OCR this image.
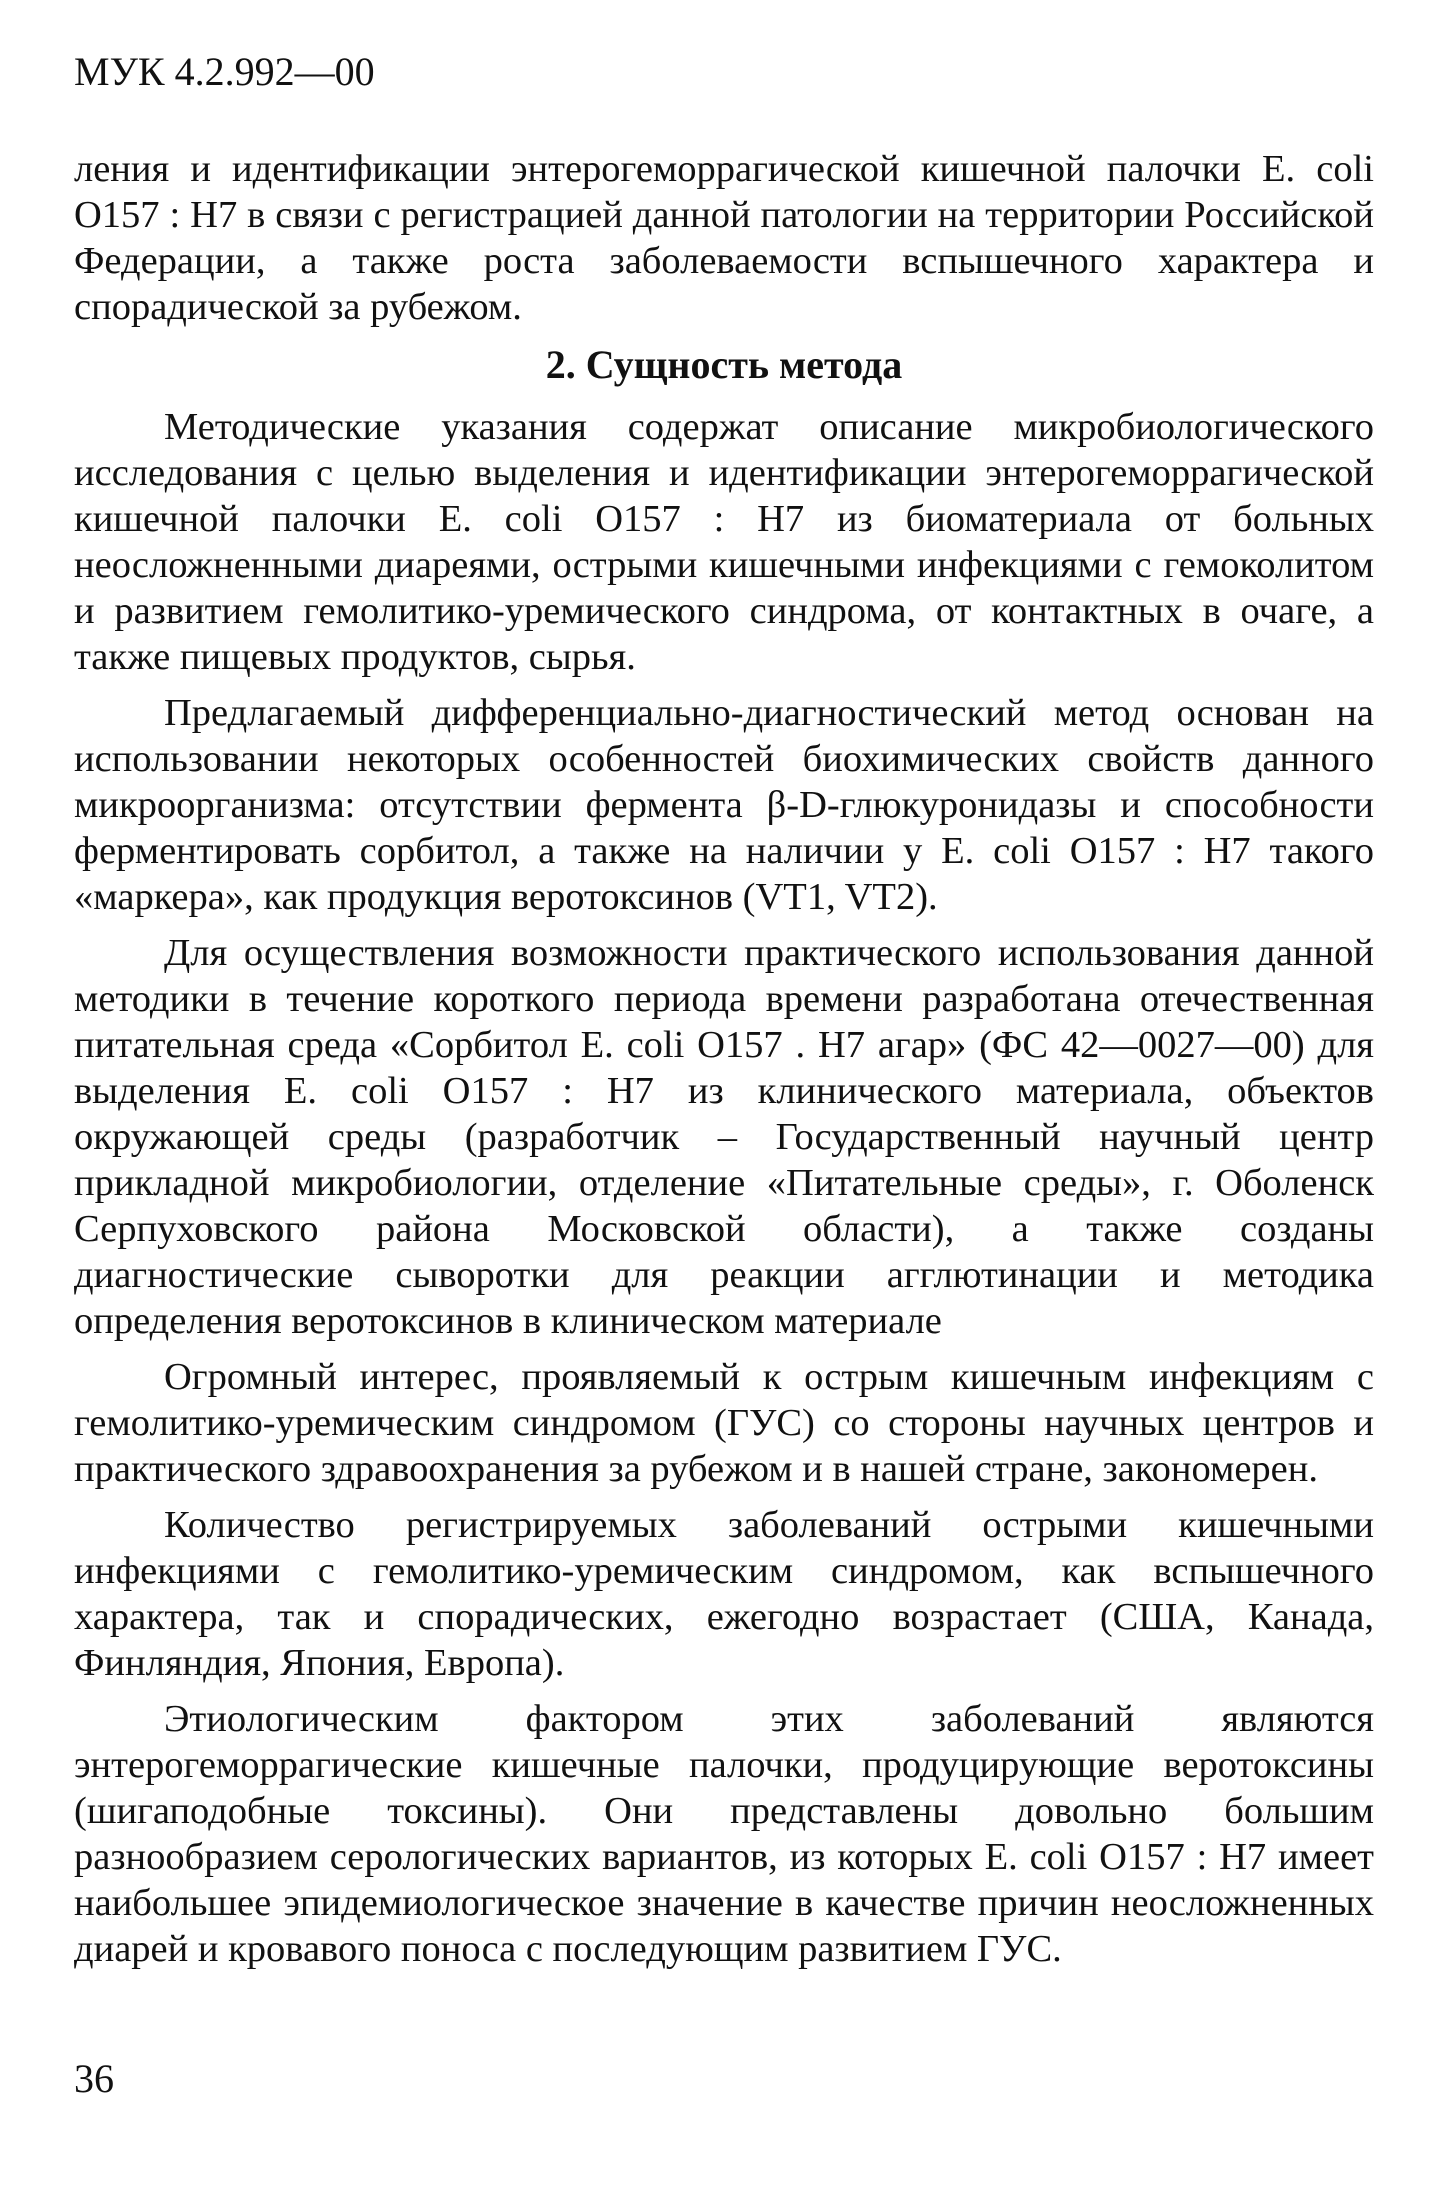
МУК 4.2.992—00

ления и идентификации энтерогеморрагической кишечной палочки E. coli O157 : H7 в связи с регистрацией данной патологии на территории Российской Федерации, а также роста заболеваемости вспышечного характера и спорадической за рубежом.

2. Сущность метода

Методические указания содержат описание микробиологического исследования с целью выделения и идентификации энтерогеморрагической кишечной палочки E. coli O157 : H7 из биоматериала от больных неосложненными диареями, острыми кишечными инфекциями с гемоколитом и развитием гемолитико-уремического синдрома, от контактных в очаге, а также пищевых продуктов, сырья.

Предлагаемый дифференциально-диагностический метод основан на использовании некоторых особенностей биохимических свойств данного микроорганизма: отсутствии фермента β-D-глюкуронидазы и способности ферментировать сорбитол, а также на наличии у E. coli O157 : H7 такого «маркера», как продукция веротоксинов (VT1, VT2).

Для осуществления возможности практического использования данной методики в течение короткого периода времени разработана отечественная питательная среда «Сорбитол E. coli O157 . H7 агар» (ФС 42—0027—00) для выделения E. coli O157 : H7 из клинического материала, объектов окружающей среды (разработчик – Государственный научный центр прикладной микробиологии, отделение «Питательные среды», г. Оболенск Серпуховского района Московской области), а также созданы диагностические сыворотки для реакции агглютинации и методика определения веротоксинов в клиническом материале

Огромный интерес, проявляемый к острым кишечным инфекциям с гемолитико-уремическим синдромом (ГУС) со стороны научных центров и практического здравоохранения за рубежом и в нашей стране, закономерен.

Количество регистрируемых заболеваний острыми кишечными инфекциями с гемолитико-уремическим синдромом, как вспышечного характера, так и спорадических, ежегодно возрастает (США, Канада, Финляндия, Япония, Европа).

Этиологическим фактором этих заболеваний являются энтерогеморрагические кишечные палочки, продуцирующие веротоксины (шигаподобные токсины). Они представлены довольно большим разнообразием серологических вариантов, из которых E. coli O157 : H7 имеет наибольшее эпидемиологическое значение в качестве причин неосложненных диарей и кровавого поноса с последующим развитием ГУС.

36
